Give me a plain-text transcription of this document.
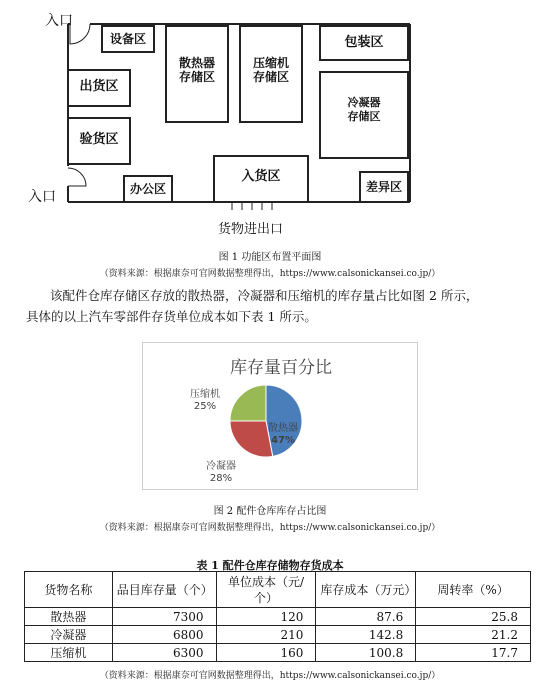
入口
入口
设备区
散热器
存储区
压缩机
存储区
包装区
出货区
冷凝器
存储区
验货区
办公区
入货区
差异区
货物进出口
图 1 功能区布置平面图
（资料来源：根据康奈可官网数据整理得出，https://www.calsonickansei.co.jp/）
该配件仓库存储区存放的散热器，冷凝器和压缩机的库存量占比如图 2 所示，
具体的以上汽车零部件存货单位成本如下表 1 所示。
库存量百分比
散热器
47%
冷凝器
28%
压缩机
25%
图 2 配件仓库库存占比图
（资料来源：根据康奈可官网数据整理得出，https://www.calsonickansei.co.jp/）
表 1 配件仓库存储物存货成本
货物名称	品目库存量（个）	单位成本（元/个）	库存成本（万元）	周转率（%）
散热器	7300	120	87.6	25.8
冷凝器	6800	210	142.8	21.2
压缩机	6300	160	100.8	17.7
（资料来源：根据康奈可官网数据整理得出，https://www.calsonickansei.co.jp/）
